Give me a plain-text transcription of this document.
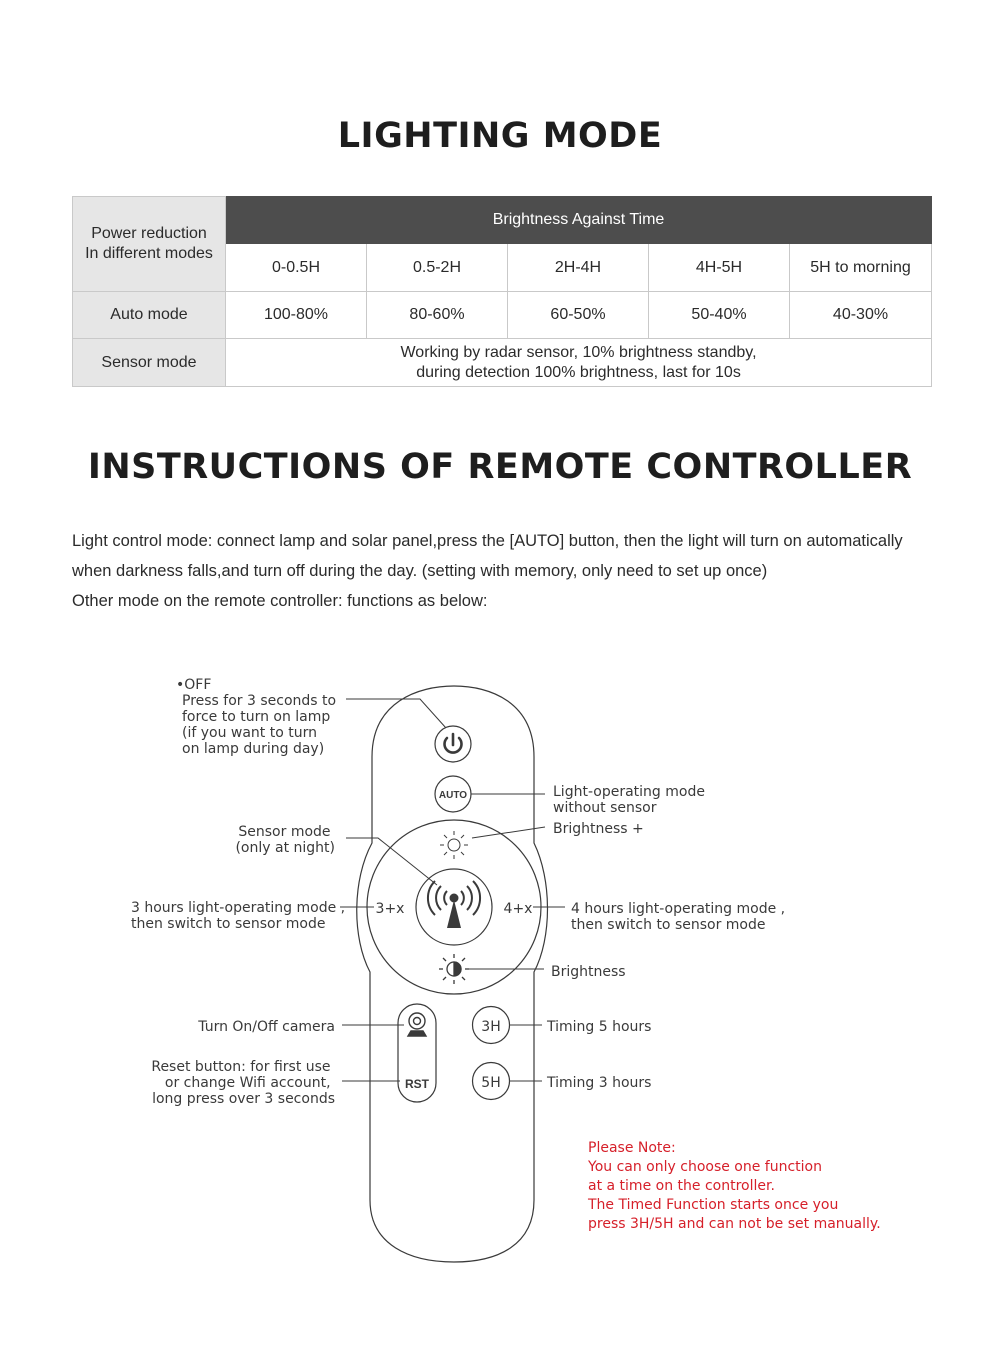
LIGHTING MODE
Power reduction
In different modes	Brightness Against Time				
	0-0.5H	0.5-2H	2H-4H	4H-5H	5H to morning
Auto mode	100-80%	80-60%	60-50%	50-40%	40-30%
Sensor mode	Working by radar sensor, 10% brightness standby,
during detection 100% brightness, last for 10s				
INSTRUCTIONS OF REMOTE CONTROLLER

Light control mode: connect lamp and solar panel,press the [AUTO] button, then the light will turn on automatically when darkness falls,and turn off during the day. (setting with memory, only need to set up once)

Other mode on the remote controller: functions as below:

AUTO
3+x	4+x
RST
3H
5H
•OFF Press for 3 seconds to force to turn on lamp (if you want to turn on lamp during day)
Light-operating mode without sensor
Brightness +
Sensor mode (only at night)
3 hours light-operating mode , then switch to sensor mode
4 hours light-operating mode , then switch to sensor mode
Brightness
Turn On/Off camera	Timing 5 hours
Reset button: for first use or change Wifi account, long press over 3 seconds
Timing 3 hours
Please Note: You can only choose one function at a time on the controller. The Timed Function starts once you press 3H/5H and can not be set manually.
